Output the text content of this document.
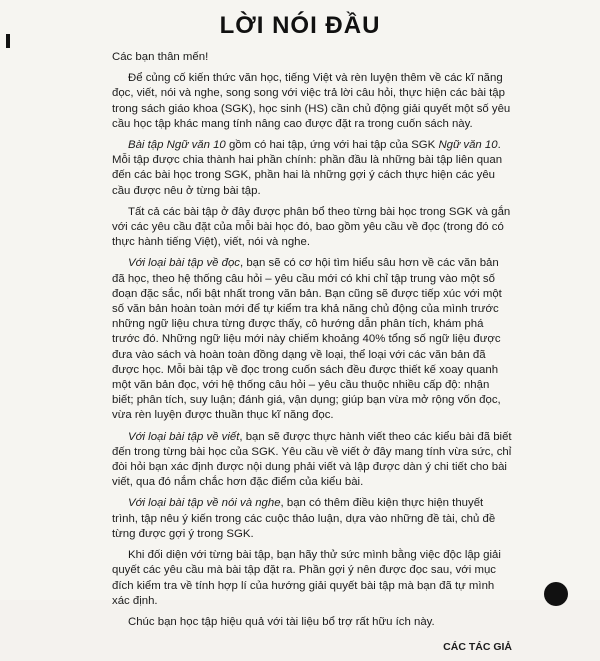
LỜI NÓI ĐẦU

Các bạn thân mến!

Để củng cố kiến thức văn học, tiếng Việt và rèn luyện thêm về các kĩ năng đọc, viết, nói và nghe, song song với việc trả lời câu hỏi, thực hiện các bài tập trong sách giáo khoa (SGK), học sinh (HS) cần chủ động giải quyết một số yêu cầu học tập khác mang tính nâng cao được đặt ra trong cuốn sách này.

Bài tập Ngữ văn 10 gồm có hai tập, ứng với hai tập của SGK Ngữ văn 10. Mỗi tập được chia thành hai phần chính: phần đầu là những bài tập liên quan đến các bài học trong SGK, phần hai là những gợi ý cách thực hiện các yêu cầu được nêu ở từng bài tập.

Tất cả các bài tập ở đây được phân bổ theo từng bài học trong SGK và gắn với các yêu cầu đặt của mỗi bài học đó, bao gồm yêu cầu về đọc (trong đó có thực hành tiếng Việt), viết, nói và nghe.

Với loại bài tập về đọc, bạn sẽ có cơ hội tìm hiểu sâu hơn về các văn bản đã học, theo hệ thống câu hỏi – yêu cầu mới có khi chỉ tập trung vào một số đoạn đặc sắc, nổi bật nhất trong văn bản. Bạn cũng sẽ được tiếp xúc với một số văn bản hoàn toàn mới để tự kiểm tra khả năng chủ động của mình trước những ngữ liệu chưa từng được thấy, cô hướng dẫn phân tích, khám phá trước đó. Những ngữ liệu mới này chiếm khoảng 40% tổng số ngữ liệu được đưa vào sách và hoàn toàn đồng dạng về loại, thể loại với các văn bản đã được học. Mỗi bài tập về đọc trong cuốn sách đều được thiết kế xoay quanh một văn bản đọc, với hệ thống câu hỏi – yêu cầu thuộc nhiều cấp độ: nhận biết; phân tích, suy luận; đánh giá, vận dụng; giúp bạn vừa mở rộng vốn đọc, vừa rèn luyện được thuần thục kĩ năng đọc.

Với loại bài tập về viết, bạn sẽ được thực hành viết theo các kiểu bài đã biết đến trong từng bài học của SGK. Yêu cầu về viết ở đây mang tính vừa sức, chỉ đòi hỏi bạn xác định được nội dung phải viết và lập được dàn ý chi tiết cho bài viết, qua đó nắm chắc hơn đặc điểm của kiểu bài.

Với loại bài tập về nói và nghe, bạn có thêm điều kiện thực hiện thuyết trình, tập nêu ý kiến trong các cuộc thảo luận, dựa vào những đề tài, chủ đề từng được gợi ý trong SGK.

Khi đối diện với từng bài tập, bạn hãy thử sức mình bằng việc độc lập giải quyết các yêu cầu mà bài tập đặt ra. Phần gợi ý nên được đọc sau, với mục đích kiểm tra về tính hợp lí của hướng giải quyết bài tập mà bạn đã tự mình xác định.

Chúc bạn học tập hiệu quả với tài liệu bổ trợ rất hữu ích này.

CÁC TÁC GIẢ
